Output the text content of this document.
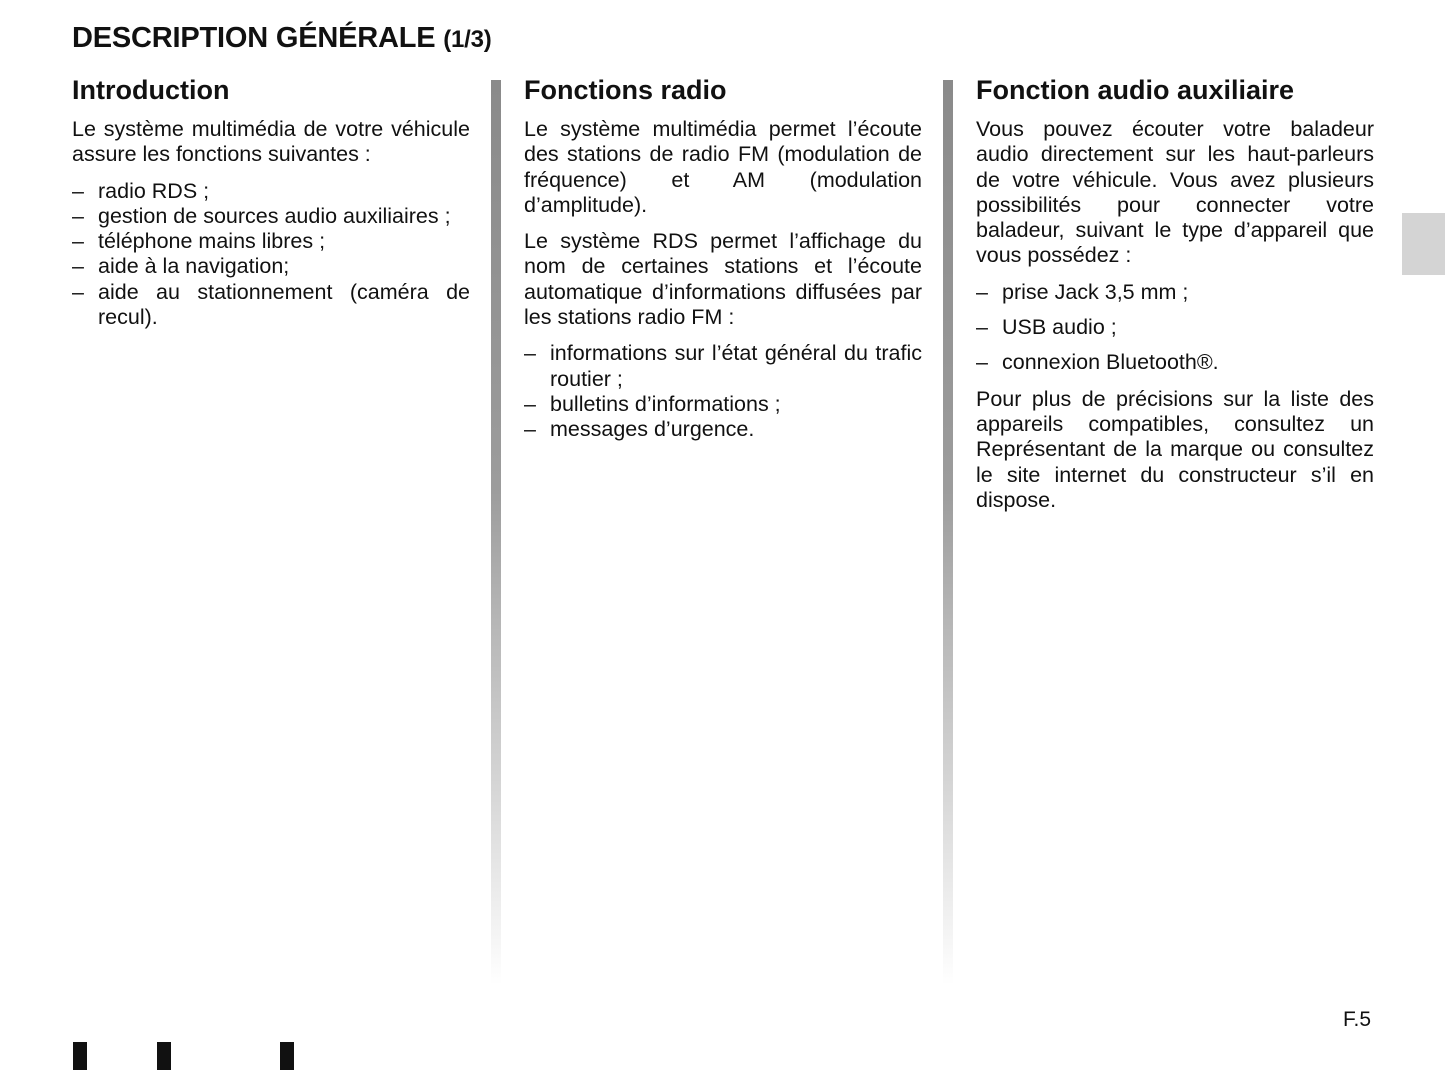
DESCRIPTION GÉNÉRALE (1/3)
Introduction

Le système multimédia de votre véhicule assure les fonctions suivantes :

– radio RDS ;
– gestion de sources audio auxiliaires ;
– téléphone mains libres ;
– aide à la navigation;
– aide au stationnement (caméra de recul).
Fonctions radio

Le système multimédia permet l’écoute des stations de radio FM (modulation de fréquence) et AM (modulation d’amplitude).

Le système RDS permet l’affichage du nom de certaines stations et l’écoute automatique d’informations diffusées par les stations radio FM :

– informations sur l’état général du trafic routier ;
– bulletins d’informations ;
– messages d’urgence.
Fonction audio auxiliaire

Vous pouvez écouter votre baladeur audio directement sur les haut-parleurs de votre véhicule. Vous avez plusieurs possibilités pour connecter votre baladeur, suivant le type d’appareil que vous possédez :

– prise Jack 3,5 mm ;
– USB audio ;
– connexion Bluetooth®.

Pour plus de précisions sur la liste des appareils compatibles, consultez un Représentant de la marque ou consultez le site internet du constructeur s’il en dispose.

F.5
